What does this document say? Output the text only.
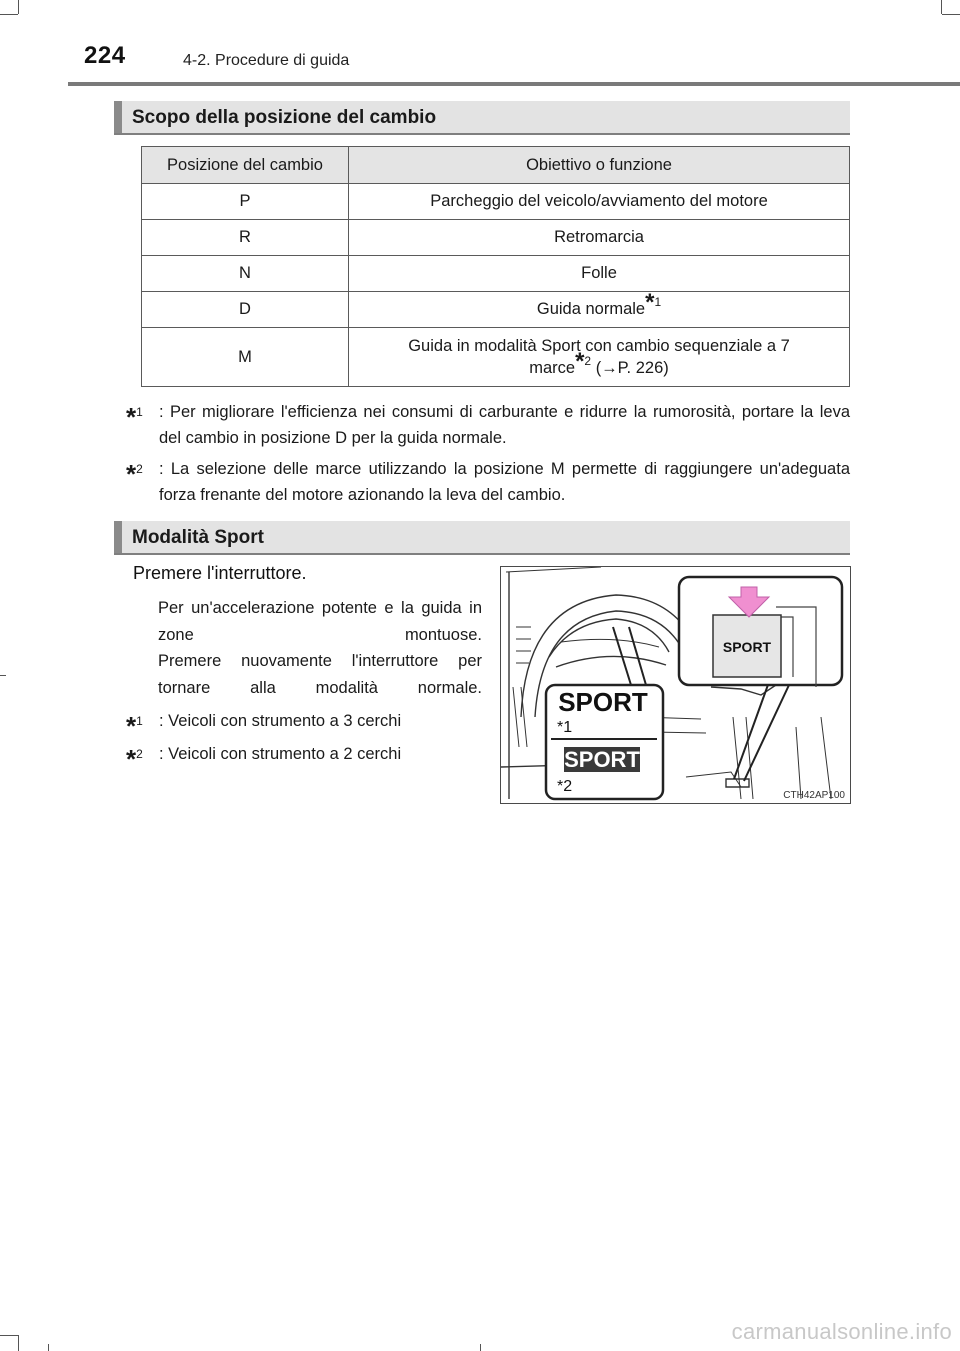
224	4-2. Procedure di guida
Scopo della posizione del cambio
Posizione del cambio	Obiettivo o funzione
P	Parcheggio del veicolo/avviamento del motore
R	Retromarcia
N	Folle
D	Guida normale$^{*1}$
M	Guida in modalità Sport con cambio sequenziale a 7
marce$^{*2}$ (→P. 226)
*$^1$ : Per migliorare l'efficienza nei consumi di carburante e ridurre la rumorosità, portare la leva del cambio in posizione D per la guida normale.
*$^2$ : La selezione delle marce utilizzando la posizione M permette di raggiungere un'adeguata forza frenante del motore azionando la leva del cambio.
Modalità Sport
Premere l'interruttore.
Per un'accelerazione potente e la guida in zone montuose.
Premere nuovamente l'interruttore per tornare alla modalità normale.
*$^1$ : Veicoli con strumento a 3 cerchi
*$^2$ : Veicoli con strumento a 2 cerchi
SPORT
SPORT
SPORT
*1
*2
CTH42AP100
carmanualsonline.info
